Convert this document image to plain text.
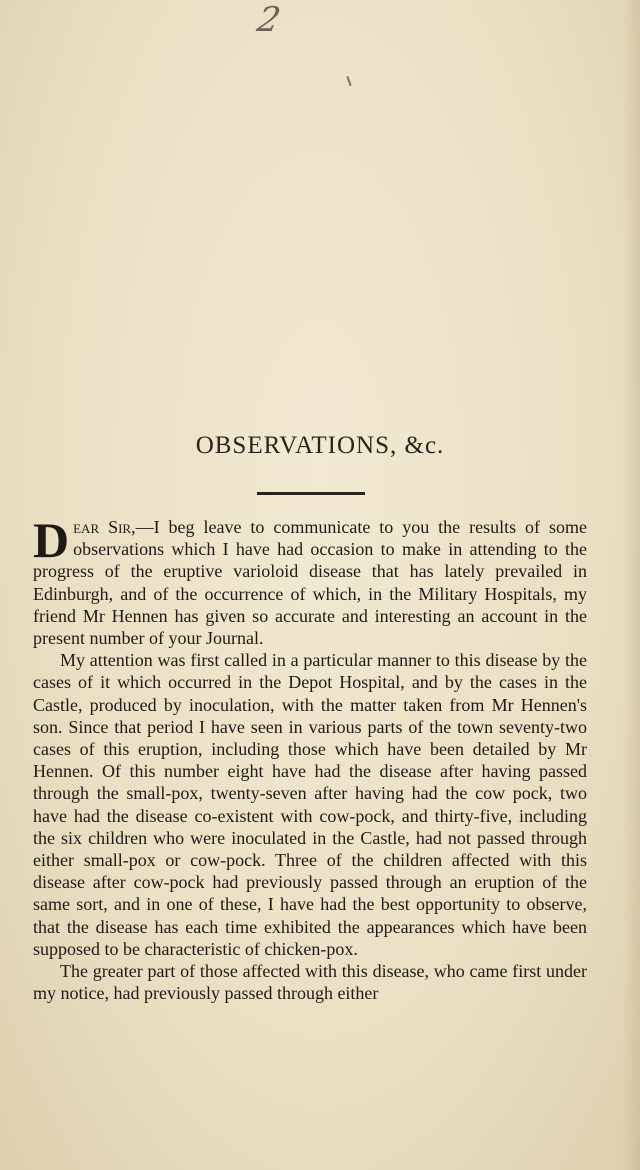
2
OBSERVATIONS, &c.

Dear Sir,—I beg leave to communicate to you the results of some observations which I have had occasion to make in attending to the progress of the eruptive varioloid disease that has lately prevailed in Edinburgh, and of the occurrence of which, in the Military Hospitals, my friend Mr Hennen has given so accurate and interesting an account in the present number of your Journal.

My attention was first called in a particular manner to this disease by the cases of it which occurred in the Depot Hospital, and by the cases in the Castle, produced by inoculation, with the matter taken from Mr Hennen's son. Since that period I have seen in various parts of the town seventy-two cases of this eruption, including those which have been detailed by Mr Hennen. Of this number eight have had the disease after having passed through the small-pox, twenty-seven after having had the cow pock, two have had the disease co-existent with cow-pock, and thirty-five, including the six children who were inoculated in the Castle, had not passed through either small-pox or cow-pock. Three of the children affected with this disease after cow-pock had previously passed through an eruption of the same sort, and in one of these, I have had the best opportunity to observe, that the disease has each time exhibited the appearances which have been supposed to be characteristic of chicken-pox.

The greater part of those affected with this disease, who came first under my notice, had previously passed through either
